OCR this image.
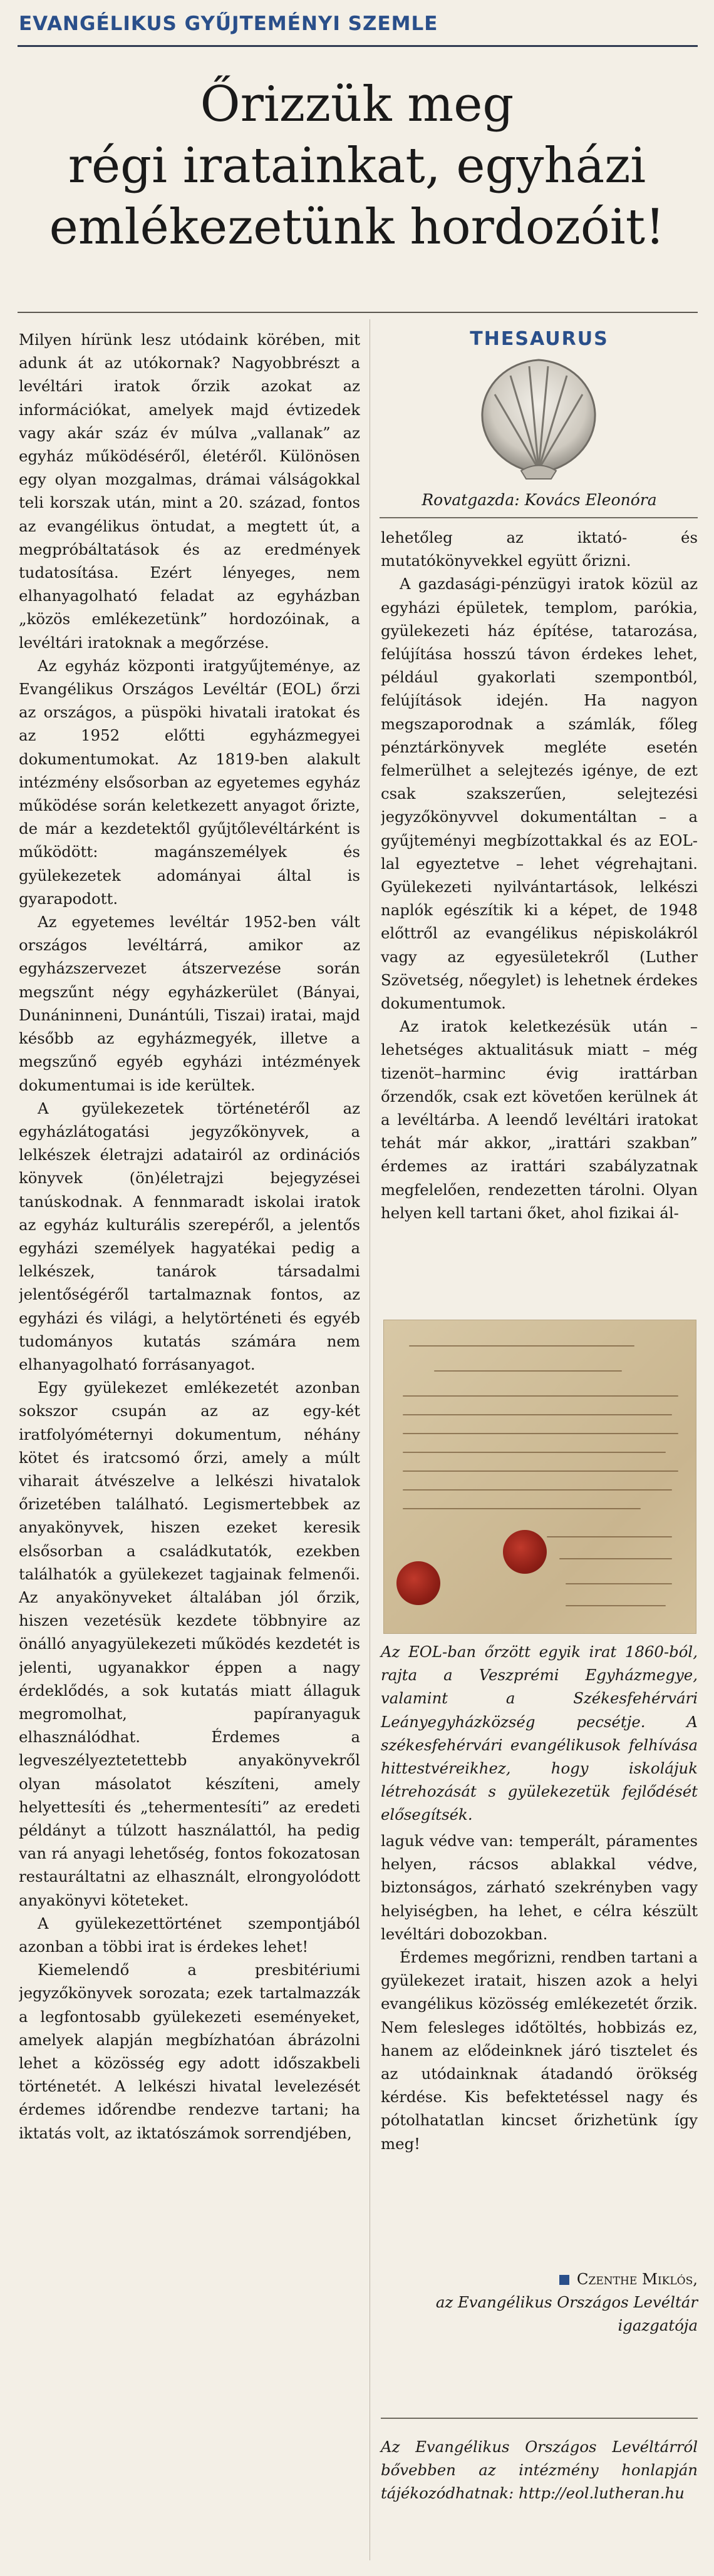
EVANGÉLIKUS GYŰJTEMÉNYI SZEMLE
Őrizzük meg
régi iratainkat, egyházi
emlékezetünk hordozóit!

Milyen hírünk lesz utódaink körében, mit adunk át az utókornak? Nagyobbrészt a levéltári iratok őrzik azokat az információkat, amelyek majd évtizedek vagy akár száz év múlva „vallanak” az egyház működéséről, életéről. Különösen egy olyan mozgalmas, drámai válságokkal teli korszak után, mint a 20. század, fontos az evangélikus öntudat, a megtett út, a megpróbáltatások és az eredmények tudatosítása. Ezért lényeges, nem elhanyagolható feladat az egyházban „közös emlékezetünk” hordozóinak, a levéltári iratoknak a megőrzése.

Az egyház központi iratgyűjteménye, az Evangélikus Országos Levéltár (EOL) őrzi az országos, a püspöki hivatali iratokat és az 1952 előtti egyházmegyei dokumentumokat. Az 1819-ben alakult intézmény elsősorban az egyetemes egyház működése során keletkezett anyagot őrizte, de már a kezdetektől gyűjtőlevéltárként is működött: magánszemélyek és gyülekezetek adományai által is gyarapodott.

Az egyetemes levéltár 1952-ben vált országos levéltárrá, amikor az egyházszervezet átszervezése során megszűnt négy egyházkerület (Bányai, Dunáninneni, Dunántúli, Tiszai) iratai, majd később az egyházmegyék, illetve a megszűnő egyéb egyházi intézmények dokumentumai is ide kerültek.

A gyülekezetek történetéről az egyházlátogatási jegyzőkönyvek, a lelkészek életrajzi adatairól az ordinációs könyvek (ön)életrajzi bejegyzései tanúskodnak. A fennmaradt iskolai iratok az egyház kulturális szerepéről, a jelentős egyházi személyek hagyatékai pedig a lelkészek, tanárok társadalmi jelentőségéről tartalmaznak fontos, az egyházi és világi, a helytörténeti és egyéb tudományos kutatás számára nem elhanyagolható forrásanyagot.

Egy gyülekezet emlékezetét azonban sokszor csupán az az egy-két iratfolyóméternyi dokumentum, néhány kötet és iratcsomó őrzi, amely a múlt viharait átvészelve a lelkészi hivatalok őrizetében található. Legismertebbek az anyakönyvek, hiszen ezeket keresik elsősorban a családkutatók, ezekben találhatók a gyülekezet tagjainak felmenői. Az anyakönyveket általában jól őrzik, hiszen vezetésük kezdete többnyire az önálló anyagyülekezeti működés kezdetét is jelenti, ugyanakkor éppen a nagy érdeklődés, a sok kutatás miatt állaguk megromolhat, papíranyaguk elhasználódhat. Érdemes a legveszélyeztetettebb anyakönyvekről olyan másolatot készíteni, amely helyettesíti és „tehermentesíti” az eredeti példányt a túlzott használattól, ha pedig van rá anyagi lehetőség, fontos fokozatosan restauráltatni az elhasznált, elrongyolódott anyakönyvi köteteket.

A gyülekezettörténet szempontjából azonban a többi irat is érdekes lehet!

Kiemelendő a presbitériumi jegyzőkönyvek sorozata; ezek tartalmazzák a legfontosabb gyülekezeti eseményeket, amelyek alapján megbízhatóan ábrázolni lehet a közösség egy adott időszakbeli történetét. A lelkészi hivatal levelezését érdemes időrendbe rendezve tartani; ha iktatás volt, az iktatószámok sorrendjében,

THESAURUS
Rovatgazda: Kovács Eleonóra

lehetőleg az iktató- és mutatókönyvekkel együtt őrizni.

A gazdasági-pénzügyi iratok közül az egyházi épületek, templom, parókia, gyülekezeti ház építése, tatarozása, felújítása hosszú távon érdekes lehet, például gyakorlati szempontból, felújítások idején. Ha nagyon megszaporodnak a számlák, főleg pénztárkönyvek megléte esetén felmerülhet a selejtezés igénye, de ezt csak szakszerűen, selejtezési jegyzőkönyvvel dokumentáltan – a gyűjteményi megbízottakkal és az EOL-lal egyeztetve – lehet végrehajtani. Gyülekezeti nyilvántartások, lelkészi naplók egészítik ki a képet, de 1948 előttről az evangélikus népiskolákról vagy az egyesületekről (Luther Szövetség, nőegylet) is lehetnek érdekes dokumentumok.

Az iratok keletkezésük után – lehetséges aktualitásuk miatt – még tizenöt–harminc évig irattárban őrzendők, csak ezt követően kerülnek át a levéltárba. A leendő levéltári iratokat tehát már akkor, „irattári szakban” érdemes az irattári szabályzatnak megfelelően, rendezetten tárolni. Olyan helyen kell tartani őket, ahol fizikai ál-

Az EOL-ban őrzött egyik irat 1860-ból, rajta a Veszprémi Egyházmegye, valamint a Székesfehérvári Leányegyházközség pecsétje. A székesfehérvári evangélikusok felhívása hittestvéreikhez, hogy iskolájuk létrehozását s gyülekezetük fejlődését elősegítsék.

laguk védve van: temperált, páramentes helyen, rácsos ablakkal védve, biztonságos, zárható szekrényben vagy helyiségben, ha lehet, e célra készült levéltári dobozokban.

Érdemes megőrizni, rendben tartani a gyülekezet iratait, hiszen azok a helyi evangélikus közösség emlékezetét őrzik. Nem felesleges időtöltés, hobbizás ez, hanem az elődeinknek járó tisztelet és az utódainknak átadandó örökség kérdése. Kis befektetéssel nagy és pótolhatatlan kincset őrizhetünk így meg!

Czenthe Miklós,
az Evangélikus Országos Levéltár
igazgatója
Az Evangélikus Országos Levéltárról bővebben az intézmény honlapján tájékozódhatnak: http://eol.lutheran.hu
